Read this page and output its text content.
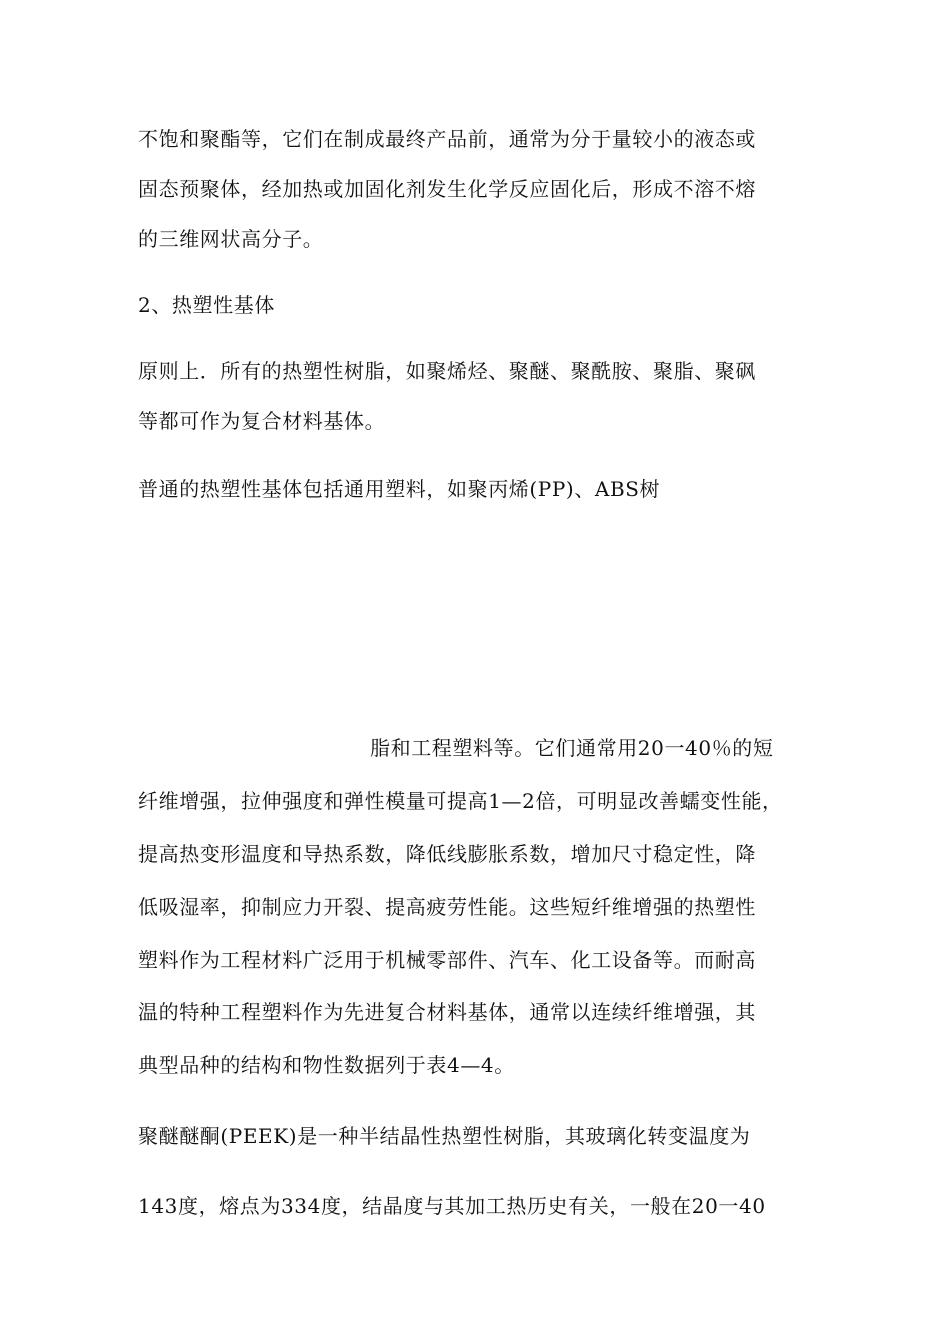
不饱和聚酯等，它们在制成最终产品前，通常为分于量较小的液态或
固态预聚体，经加热或加固化剂发生化学反应固化后，形成不溶不熔
的三维网状高分子。
2、热塑性基体
原则上．所有的热塑性树脂，如聚烯烃、聚醚、聚酰胺、聚脂、聚砜
等都可作为复合材料基体。
普通的热塑性基体包括通用塑料，如聚丙烯(PP)、ABS树
脂和工程塑料等。它们通常用20一40％的短
纤维增强，拉伸强度和弹性模量可提高1—2倍，可明显改善蠕变性能，
提高热变形温度和导热系数，降低线膨胀系数，增加尺寸稳定性，降
低吸湿率，抑制应力开裂、提高疲劳性能。这些短纤维增强的热塑性
塑料作为工程材料广泛用于机械零部件、汽车、化工设备等。而耐高
温的特种工程塑料作为先进复合材料基体，通常以连续纤维增强，其
典型品种的结构和物性数据列于表4—4。
聚醚醚酮(PEEK)是一种半结晶性热塑性树脂，其玻璃化转变温度为
143度，熔点为334度，结晶度与其加工热历史有关，一般在20一40
